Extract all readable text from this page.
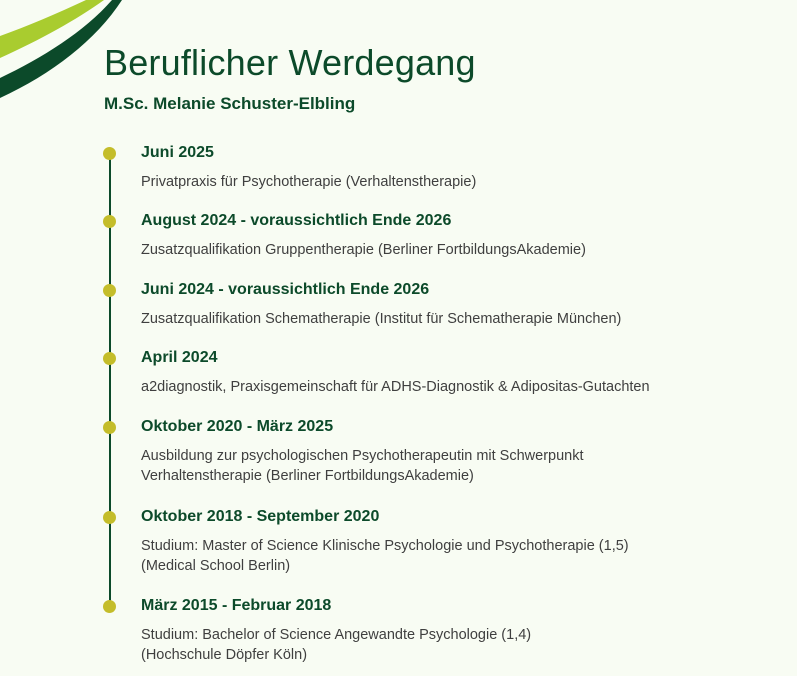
Beruflicher Werdegang
M.Sc. Melanie Schuster-Elbling

Juni 2025

Privatpraxis für Psychotherapie (Verhaltenstherapie)

August 2024 - voraussichtlich Ende 2026

Zusatzqualifikation Gruppentherapie (Berliner FortbildungsAkademie)

Juni 2024 - voraussichtlich Ende 2026

Zusatzqualifikation Schematherapie (Institut für Schematherapie München)

April 2024

a2diagnostik, Praxisgemeinschaft für ADHS-Diagnostik & Adipositas-Gutachten

Oktober 2020 - März 2025

Ausbildung zur psychologischen Psychotherapeutin mit Schwerpunkt
Verhaltenstherapie (Berliner FortbildungsAkademie)

Oktober 2018 - September 2020

Studium: Master of Science Klinische Psychologie und Psychotherapie (1,5)
(Medical School Berlin)

März 2015 - Februar 2018

Studium: Bachelor of Science Angewandte Psychologie (1,4)
(Hochschule Döpfer Köln)
